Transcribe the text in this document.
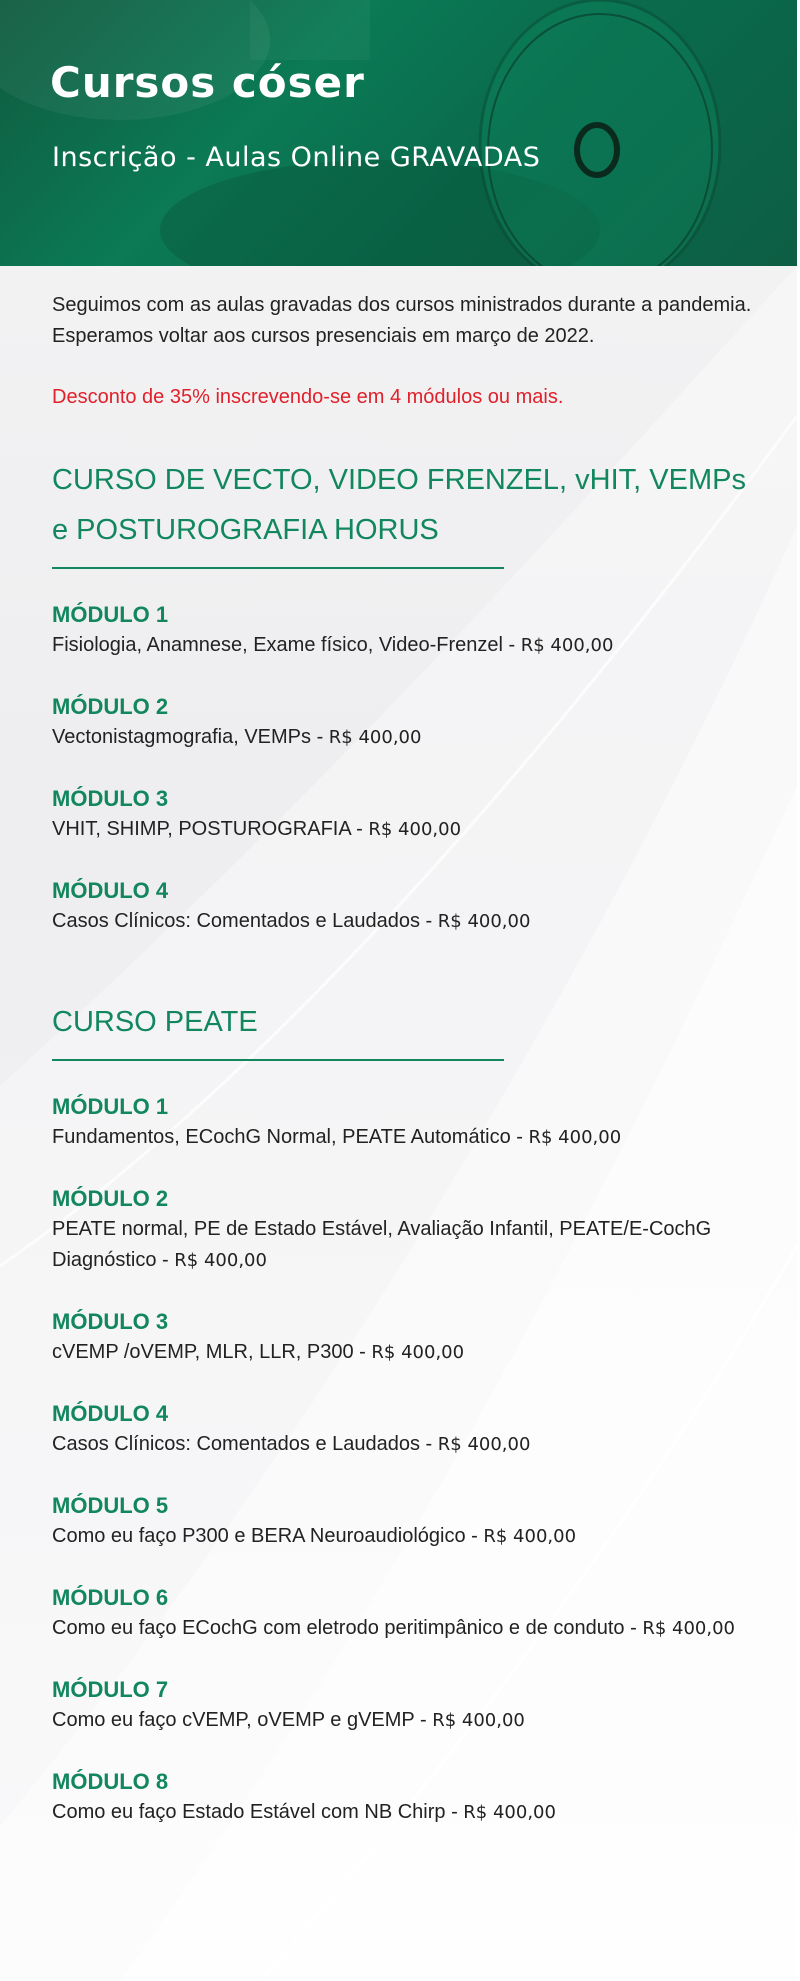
Cursos cóser

Inscrição - Aulas Online GRAVADAS

Seguimos com as aulas gravadas dos cursos ministrados durante a pandemia.
Esperamos voltar aos cursos presenciais em março de 2022.

Desconto de 35% inscrevendo-se em 4 módulos ou mais.

CURSO DE VECTO, VIDEO FRENZEL, vHIT, VEMPs e POSTUROGRAFIA HORUS

MÓDULO 1

Fisiologia, Anamnese, Exame físico, Video-Frenzel - R$ 400,00

MÓDULO 2

Vectonistagmografia, VEMPs - R$ 400,00

MÓDULO 3

VHIT, SHIMP, POSTUROGRAFIA - R$ 400,00

MÓDULO 4

Casos Clínicos: Comentados e Laudados - R$ 400,00

CURSO PEATE

MÓDULO 1

Fundamentos, ECochG Normal, PEATE Automático - R$ 400,00

MÓDULO 2

PEATE normal, PE de Estado Estável, Avaliação Infantil, PEATE/E-CochG Diagnóstico - R$ 400,00

MÓDULO 3

cVEMP /oVEMP, MLR, LLR, P300 - R$ 400,00

MÓDULO 4

Casos Clínicos: Comentados e Laudados - R$ 400,00

MÓDULO 5

Como eu faço P300 e BERA Neuroaudiológico - R$ 400,00

MÓDULO 6

Como eu faço ECochG com eletrodo peritimpânico e de conduto - R$ 400,00

MÓDULO 7

Como eu faço cVEMP, oVEMP e gVEMP - R$ 400,00

MÓDULO 8

Como eu faço Estado Estável com NB Chirp - R$ 400,00
